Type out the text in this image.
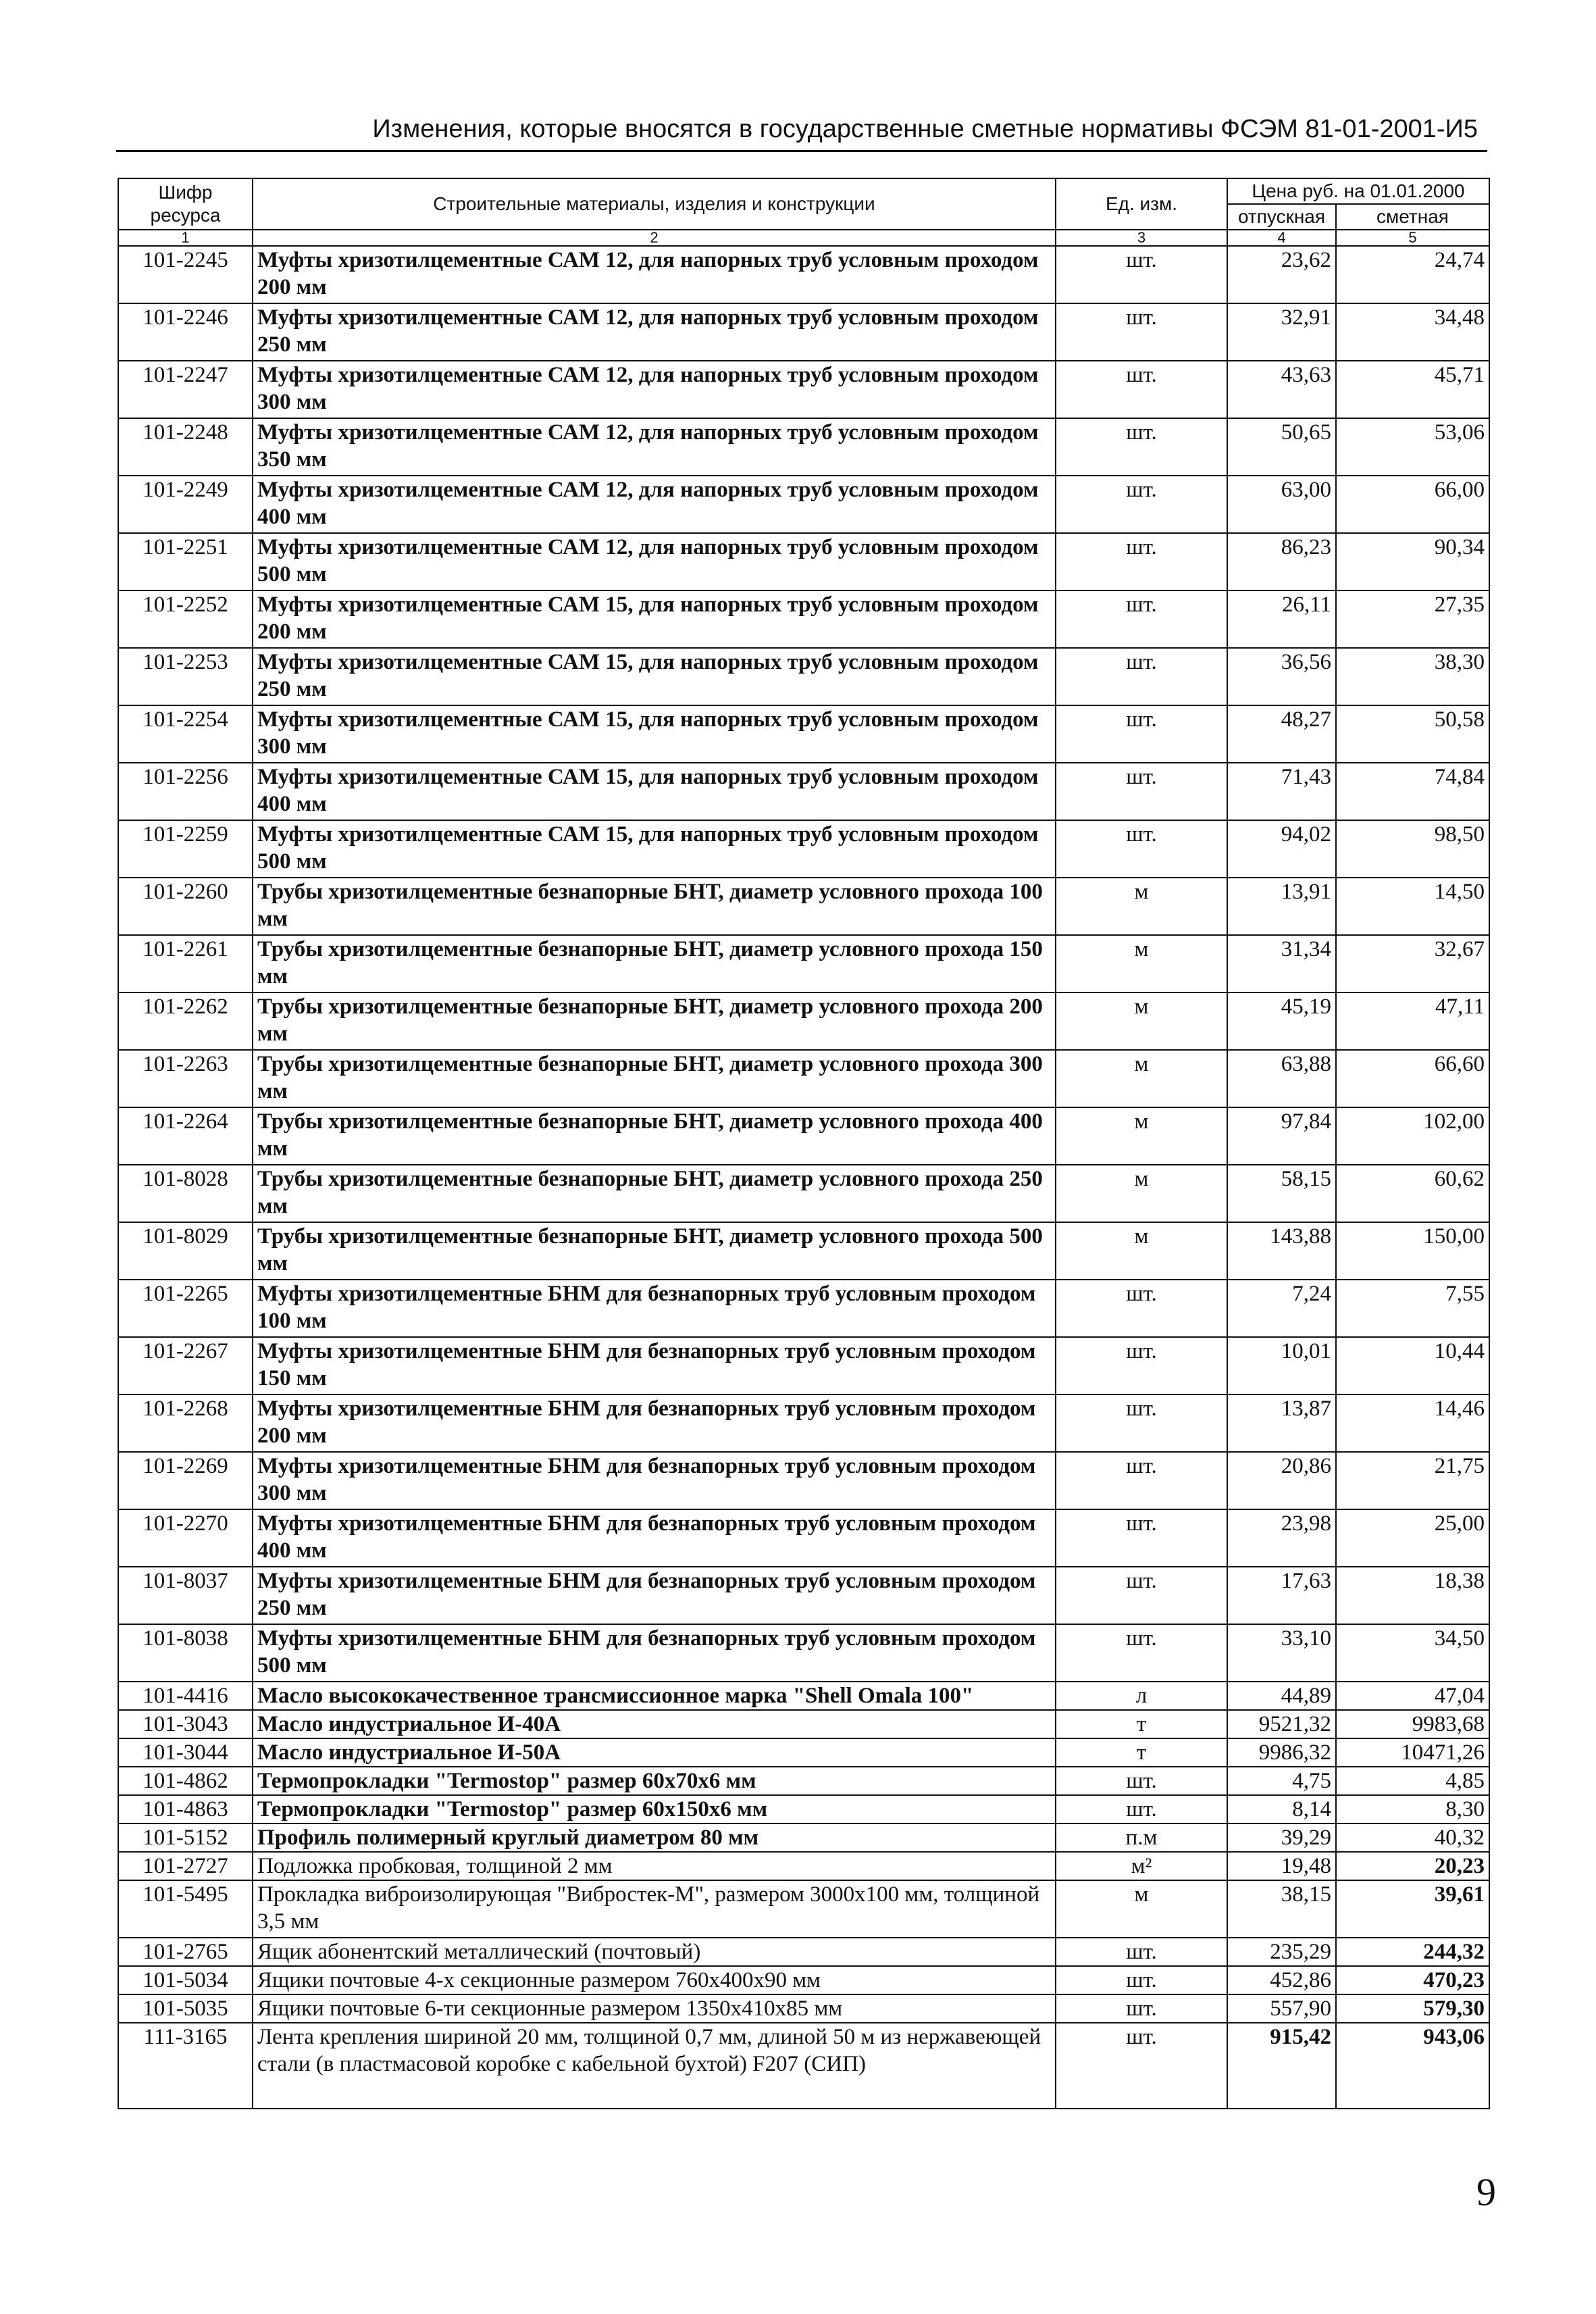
Изменения, которые вносятся в государственные сметные нормативы ФСЭМ 81-01-2001-И5
Шифр ресурса	Строительные материалы, изделия и конструкции	Ед. изм.	Цена руб. на 01.01.2000	
			отпускная	сметная
1	2	3	4	5
101-2245	Муфты хризотилцементные САМ 12, для напорных труб условным проходом 200 мм	шт.	23,62	24,74
101-2246	Муфты хризотилцементные САМ 12, для напорных труб условным проходом 250 мм	шт.	32,91	34,48
101-2247	Муфты хризотилцементные САМ 12, для напорных труб условным проходом 300 мм	шт.	43,63	45,71
101-2248	Муфты хризотилцементные САМ 12, для напорных труб условным проходом 350 мм	шт.	50,65	53,06
101-2249	Муфты хризотилцементные САМ 12, для напорных труб условным проходом 400 мм	шт.	63,00	66,00
101-2251	Муфты хризотилцементные САМ 12, для напорных труб условным проходом 500 мм	шт.	86,23	90,34
101-2252	Муфты хризотилцементные САМ 15, для напорных труб условным проходом 200 мм	шт.	26,11	27,35
101-2253	Муфты хризотилцементные САМ 15, для напорных труб условным проходом 250 мм	шт.	36,56	38,30
101-2254	Муфты хризотилцементные САМ 15, для напорных труб условным проходом 300 мм	шт.	48,27	50,58
101-2256	Муфты хризотилцементные САМ 15, для напорных труб условным проходом 400 мм	шт.	71,43	74,84
101-2259	Муфты хризотилцементные САМ 15, для напорных труб условным проходом 500 мм	шт.	94,02	98,50
101-2260	Трубы хризотилцементные безнапорные БНТ, диаметр условного прохода 100 мм	м	13,91	14,50
101-2261	Трубы хризотилцементные безнапорные БНТ, диаметр условного прохода 150 мм	м	31,34	32,67
101-2262	Трубы хризотилцементные безнапорные БНТ, диаметр условного прохода 200 мм	м	45,19	47,11
101-2263	Трубы хризотилцементные безнапорные БНТ, диаметр условного прохода 300 мм	м	63,88	66,60
101-2264	Трубы хризотилцементные безнапорные БНТ, диаметр условного прохода 400 мм	м	97,84	102,00
101-8028	Трубы хризотилцементные безнапорные БНТ, диаметр условного прохода 250 мм	м	58,15	60,62
101-8029	Трубы хризотилцементные безнапорные БНТ, диаметр условного прохода 500 мм	м	143,88	150,00
101-2265	Муфты хризотилцементные БНМ для безнапорных труб условным проходом 100 мм	шт.	7,24	7,55
101-2267	Муфты хризотилцементные БНМ для безнапорных труб условным проходом 150 мм	шт.	10,01	10,44
101-2268	Муфты хризотилцементные БНМ для безнапорных труб условным проходом 200 мм	шт.	13,87	14,46
101-2269	Муфты хризотилцементные БНМ для безнапорных труб условным проходом 300 мм	шт.	20,86	21,75
101-2270	Муфты хризотилцементные БНМ для безнапорных труб условным проходом 400 мм	шт.	23,98	25,00
101-8037	Муфты хризотилцементные БНМ для безнапорных труб условным проходом 250 мм	шт.	17,63	18,38
101-8038	Муфты хризотилцементные БНМ для безнапорных труб условным проходом 500 мм	шт.	33,10	34,50
101-4416	Масло высококачественное трансмиссионное марка "Shell Omala 100"	л	44,89	47,04
101-3043	Масло индустриальное И-40А	т	9521,32	9983,68
101-3044	Масло индустриальное И-50А	т	9986,32	10471,26
101-4862	Термопрокладки "Termostop" размер 60х70х6 мм	шт.	4,75	4,85
101-4863	Термопрокладки "Termostop" размер 60х150х6 мм	шт.	8,14	8,30
101-5152	Профиль полимерный круглый диаметром 80 мм	п.м	39,29	40,32
101-2727	Подложка пробковая, толщиной 2 мм	м²	19,48	20,23
101-5495	Прокладка виброизолирующая "Вибростек-М", размером 3000х100 мм, толщиной 3,5 мм	м	38,15	39,61
101-2765	Ящик абонентский металлический (почтовый)	шт.	235,29	244,32
101-5034	Ящики почтовые 4-х секционные размером 760х400х90 мм	шт.	452,86	470,23
101-5035	Ящики почтовые 6-ти секционные размером 1350х410х85 мм	шт.	557,90	579,30
111-3165	Лента крепления шириной 20 мм, толщиной 0,7 мм, длиной 50 м из нержавеющей стали (в пластмасовой коробке с кабельной бухтой) F207 (СИП)	шт.	915,42	943,06
9
